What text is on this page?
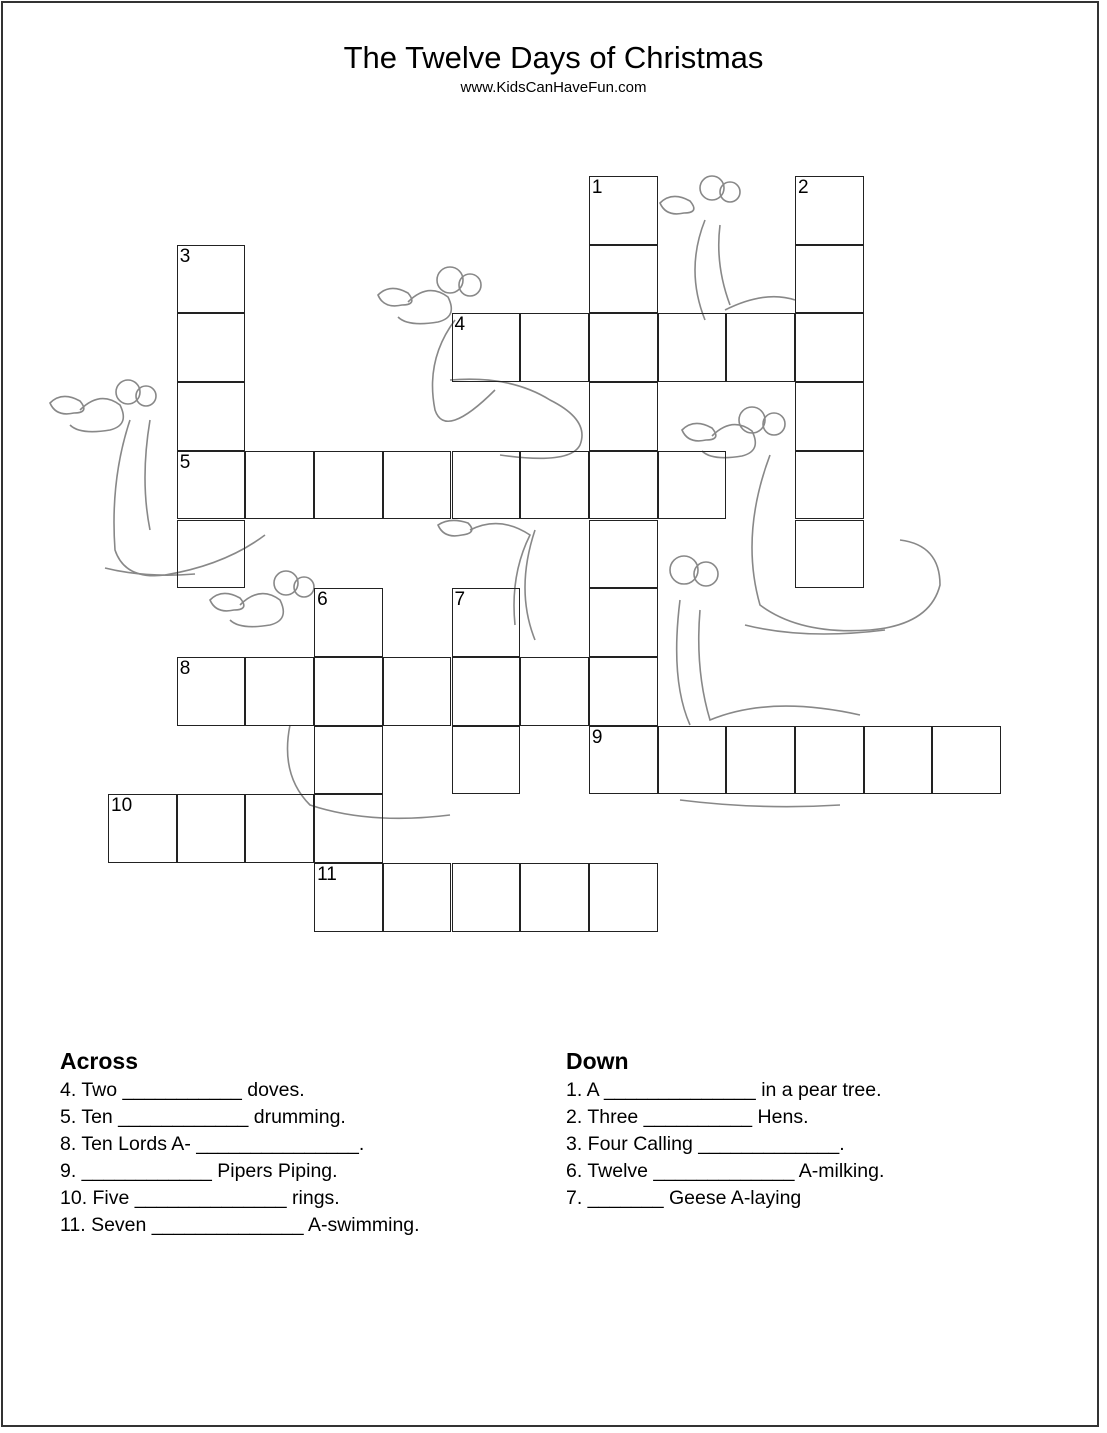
The Twelve Days of Christmas
www.KidsCanHaveFun.com
1	2
3
5
4
6
11
7
8
9
10
Across
4. Two ___________ doves.
5. Ten ____________ drumming.
8. Ten Lords A- _______________.
9. ____________ Pipers Piping.
10. Five ______________ rings.
11. Seven ______________ A-swimming.
Down
1. A ______________ in a pear tree.
2. Three __________ Hens.
3. Four Calling _____________.
6. Twelve _____________ A-milking.
7. _______ Geese A-laying
